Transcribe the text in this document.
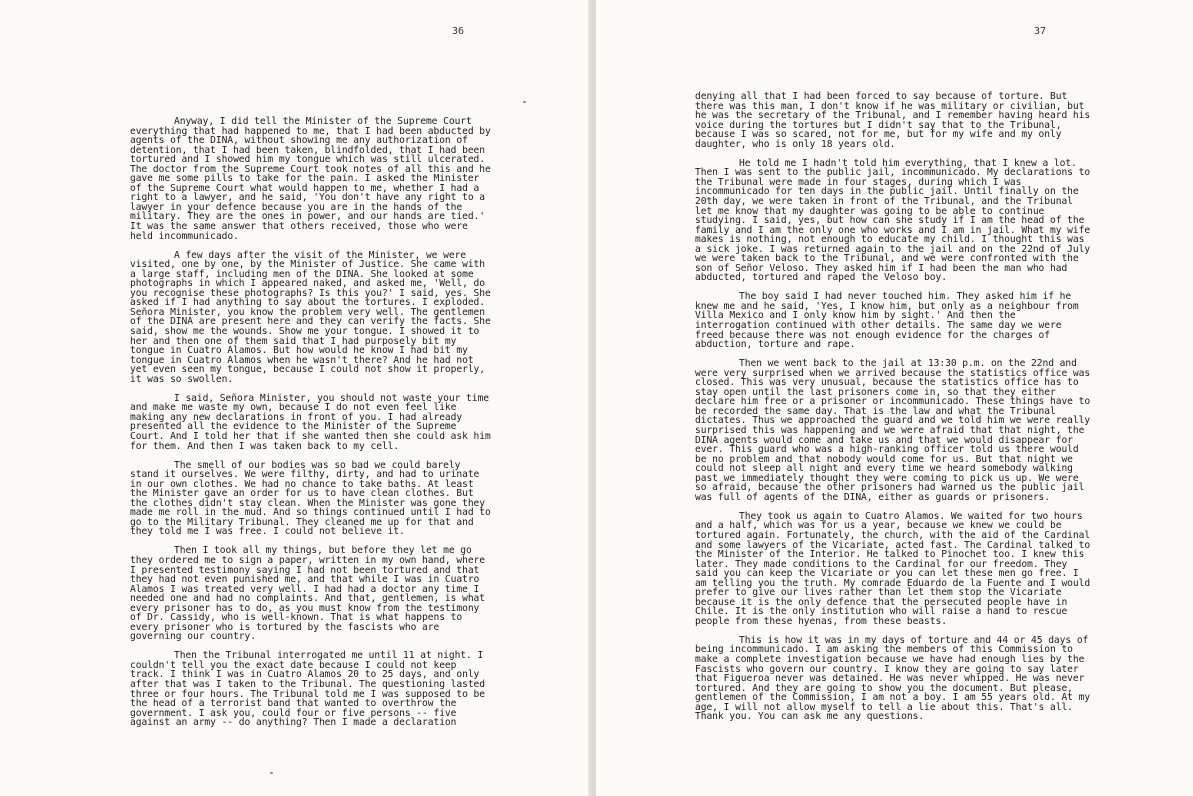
36

Anyway, I did tell the Minister of the Supreme Court everything that had happened to me, that I had been abducted by agents of the DINA, without showing me any authorization of detention, that I had been taken, blindfolded, that I had been tortured and I showed him my tongue which was still ulcerated. The doctor from the Supreme Court took notes of all this and he gave me some pills to take for the pain. I asked the Minister of the Supreme Court what would happen to me, whether I had a right to a lawyer, and he said, 'You don't have any right to a lawyer in your defence because you are in the hands of the military. They are the ones in power, and our hands are tied.' It was the same answer that others received, those who were held incommunicado.

A few days after the visit of the Minister, we were visited, one by one, by the Minister of Justice. She came with a large staff, including men of the DINA. She looked at some photographs in which I appeared naked, and asked me, 'Well, do you recognise these photographs? Is this you?' I said, yes. She asked if I had anything to say about the tortures. I exploded. Señora Minister, you know the problem very well. The gentlemen of the DINA are present here and they can verify the facts. She said, show me the wounds. Show me your tongue. I showed it to her and then one of them said that I had purposely bit my tongue in Cuatro Alamos. But how would he know I had bit my tongue in Cuatro Alamos when he wasn't there? And he had not yet even seen my tongue, because I could not show it properly, it was so swollen.

I said, Señora Minister, you should not waste your time and make me waste my own, because I do not even feel like making any new declarations in front of you. I had already presented all the evidence to the Minister of the Supreme Court. And I told her that if she wanted then she could ask him for them. And then I was taken back to my cell.

The smell of our bodies was so bad we could barely stand it ourselves. We were filthy, dirty, and had to urinate in our own clothes. We had no chance to take baths. At least the Minister gave an order for us to have clean clothes. But the clothes didn't stay clean. When the Minister was gone they made me roll in the mud. And so things continued until I had to go to the Military Tribunal. They cleaned me up for that and they told me I was free. I could not believe it.

Then I took all my things, but before they let me go they ordered me to sign a paper, written in my own hand, where I presented testimony saying I had not been tortured and that they had not even punished me, and that while I was in Cuatro Alamos I was treated very well. I had had a doctor any time I needed one and had no complaints. And that, gentlemen, is what every prisoner has to do, as you must know from the testimony of Dr. Cassidy, who is well-known. That is what happens to every prisoner who is tortured by the fascists who are governing our country.

Then the Tribunal interrogated me until 11 at night. I couldn't tell you the exact date because I could not keep track. I think I was in Cuatro Alamos 20 to 25 days, and only after that was I taken to the Tribunal. The questioning lasted three or four hours. The Tribunal told me I was supposed to be the head of a terrorist band that wanted to overthrow the government. I ask you, could four or five persons -- five against an army -- do anything? Then I made a declaration

37

denying all that I had been forced to say because of torture. But there was this man, I don't know if he was military or civilian, but he was the secretary of the Tribunal, and I remember having heard his voice during the tortures but I didn't say that to the Tribunal, because I was so scared, not for me, but for my wife and my only daughter, who is only 18 years old.

He told me I hadn't told him everything, that I knew a lot. Then I was sent to the public jail, incommunicado. My declarations to the Tribunal were made in four stages, during which I was incommunicado for ten days in the public jail. Until finally on the 20th day, we were taken in front of the Tribunal, and the Tribunal let me know that my daughter was going to be able to continue studying. I said, yes, but how can she study if I am the head of the family and I am the only one who works and I am in jail. What my wife makes is nothing, not enough to educate my child. I thought this was a sick joke. I was returned again to the jail and on the 22nd of July we were taken back to the Tribunal, and we were confronted with the son of Señor Veloso. They asked him if I had been the man who had abducted, tortured and raped the Veloso boy.

The boy said I had never touched him. They asked him if he knew me and he said, 'Yes, I know him, but only as a neighbour from Villa Mexico and I only know him by sight.' And then the interrogation continued with other details. The same day we were freed because there was not enough evidence for the charges of abduction, torture and rape.

Then we went back to the jail at 13:30 p.m. on the 22nd and were very surprised when we arrived because the statistics office was closed. This was very unusual, because the statistics office has to stay open until the last prisoners come in, so that they either declare him free or a prisoner or incommunicado. These things have to be recorded the same day. That is the law and what the Tribunal dictates. Thus we approached the guard and we told him we were really surprised this was happening and we were afraid that that night, the DINA agents would come and take us and that we would disappear for ever. This guard who was a high-ranking officer told us there would be no problem and that nobody would come for us. But that night we could not sleep all night and every time we heard somebody walking past we immediately thought they were coming to pick us up. We were so afraid, because the other prisoners had warned us the public jail was full of agents of the DINA, either as guards or prisoners.

They took us again to Cuatro Alamos. We waited for two hours and a half, which was for us a year, because we knew we could be tortured again. Fortunately, the church, with the aid of the Cardinal and some lawyers of the Vicariate, acted fast. The Cardinal talked to the Minister of the Interior. He talked to Pinochet too. I knew this later. They made conditions to the Cardinal for our freedom. They said you can keep the Vicariate or you can let these men go free. I am telling you the truth. My comrade Eduardo de la Fuente and I would prefer to give our lives rather than let them stop the Vicariate because it is the only defence that the persecuted people have in Chile. It is the only institution who will raise a hand to rescue people from these hyenas, from these beasts.

This is how it was in my days of torture and 44 or 45 days of being incommunicado. I am asking the members of this Commission to make a complete investigation because we have had enough lies by the Fascists who govern our country. I know they are going to say later that Figueroa never was detained. He was never whipped. He was never tortured. And they are going to show you the document. But please, gentlemen of the Commission, I am not a boy. I am 55 years old. At my age, I will not allow myself to tell a lie about this. That's all. Thank you. You can ask me any questions.
